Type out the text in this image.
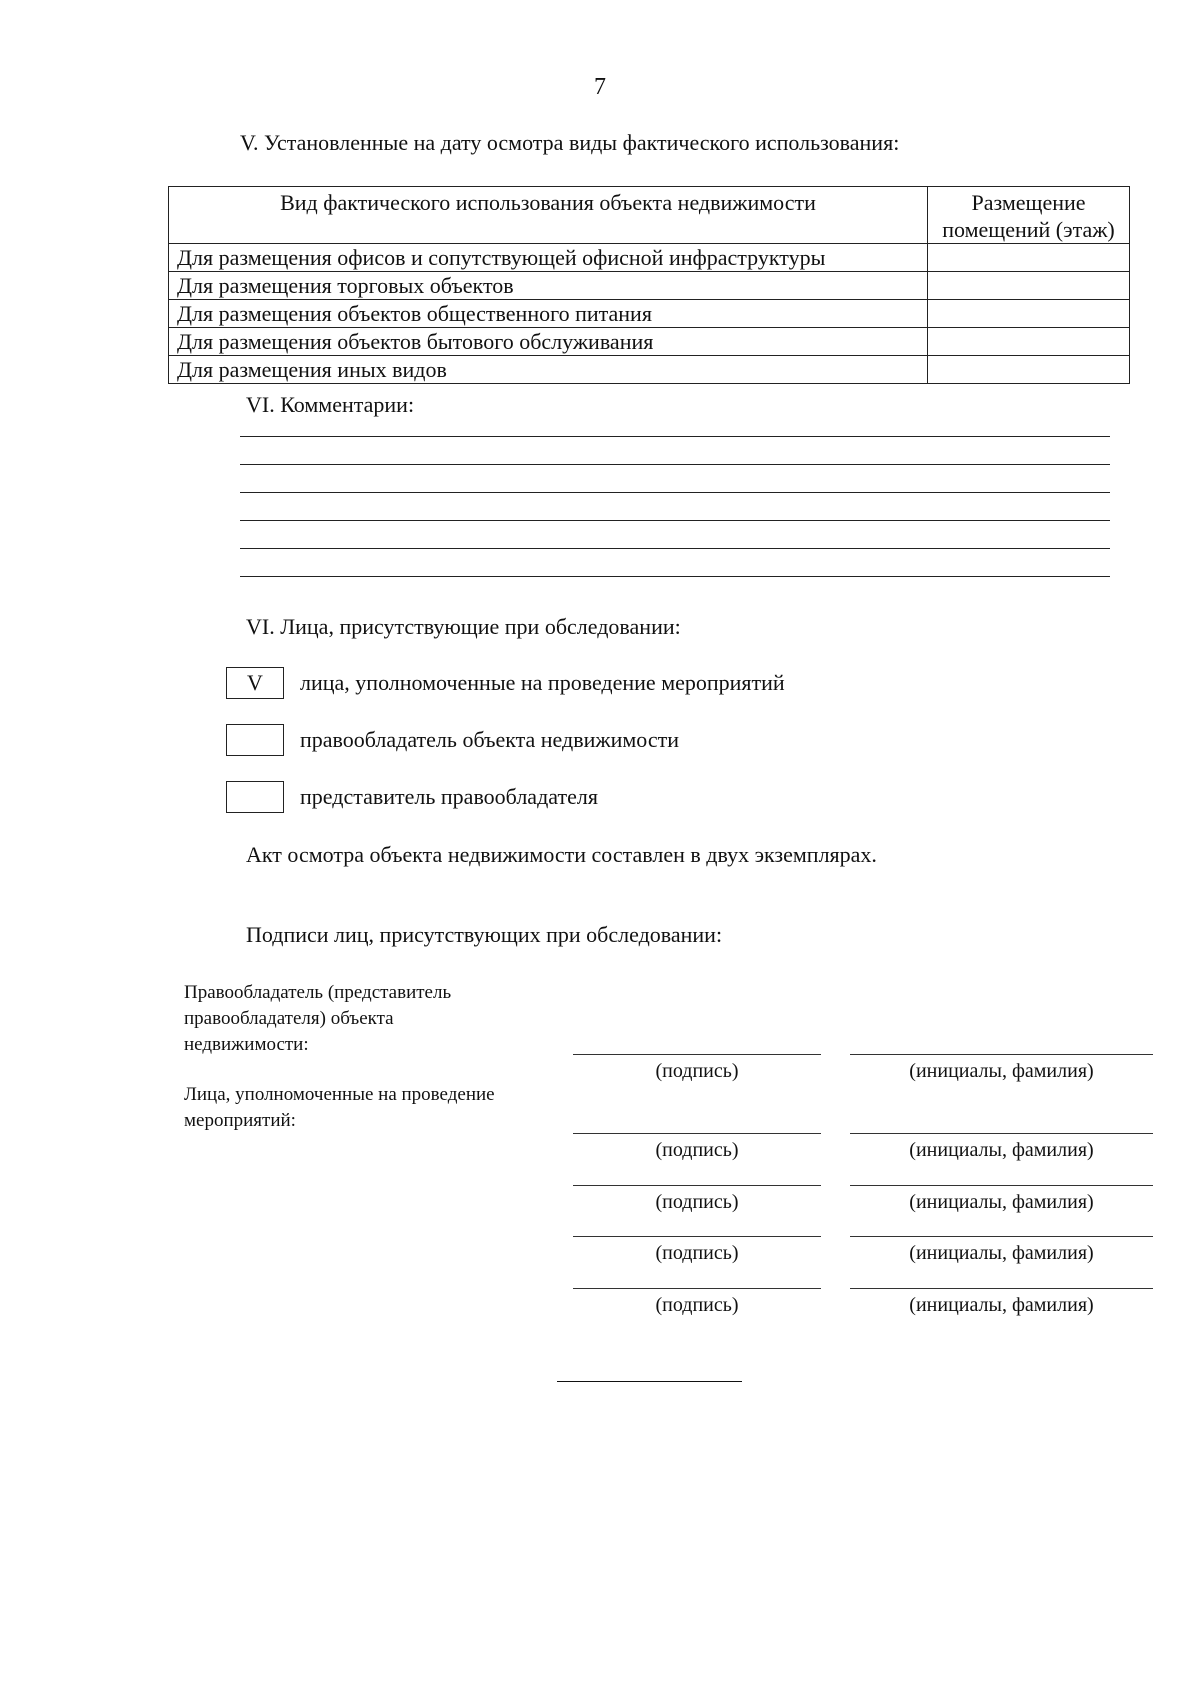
7
V. Установленные на дату осмотра виды фактического использования:
Вид фактического использования объекта недвижимости	Размещение помещений (этаж)
Для размещения офисов и сопутствующей офисной инфраструктуры	
Для размещения торговых объектов	
Для размещения объектов общественного питания	
Для размещения объектов бытового обслуживания	
Для размещения иных видов	
VI. Комментарии:
VI. Лица, присутствующие при обследовании:
V	лица, уполномоченные на проведение мероприятий
правообладатель объекта недвижимости
представитель правообладателя
Акт осмотра объекта недвижимости составлен в двух экземплярах.
Подписи лиц, присутствующих при обследовании:
Правообладатель (представитель
правообладателя) объекта
недвижимости:
Лица, уполномоченные на проведение
мероприятий:
(подпись)	(инициалы, фамилия)
(подпись)	(инициалы, фамилия)
(подпись)	(инициалы, фамилия)
(подпись)	(инициалы, фамилия)
(подпись)	(инициалы, фамилия)
